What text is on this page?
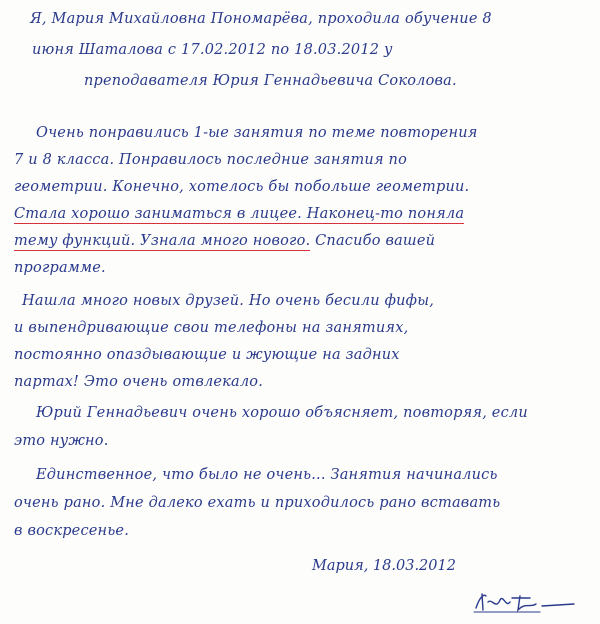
Я, Мария Михайловна Пономарёва, проходила обучение 8
июня Шаталова с 17.02.2012 по 18.03.2012 у
преподавателя Юрия Геннадьевича Соколова.

Очень понравились 1-ые занятия по теме повторения
7 и 8 класса. Понравилось последние занятия по
геометрии. Конечно, хотелось бы побольше геометрии.
Стала хорошо заниматься в лицее. Наконец-то поняла
тему функций. Узнала много нового. Спасибо вашей
программе.

Нашла много новых друзей. Но очень бесили фифы,
и выпендривающие свои телефоны на занятиях,
постоянно опаздывающие и жующие на задних
партах! Это очень отвлекало.

Юрий Геннадьевич очень хорошо объясняет, повторяя, если
это нужно.

Единственное, что было не очень... Занятия начинались
очень рано. Мне далеко ехать и приходилось рано вставать
в воскресенье.

Мария, 18.03.2012
